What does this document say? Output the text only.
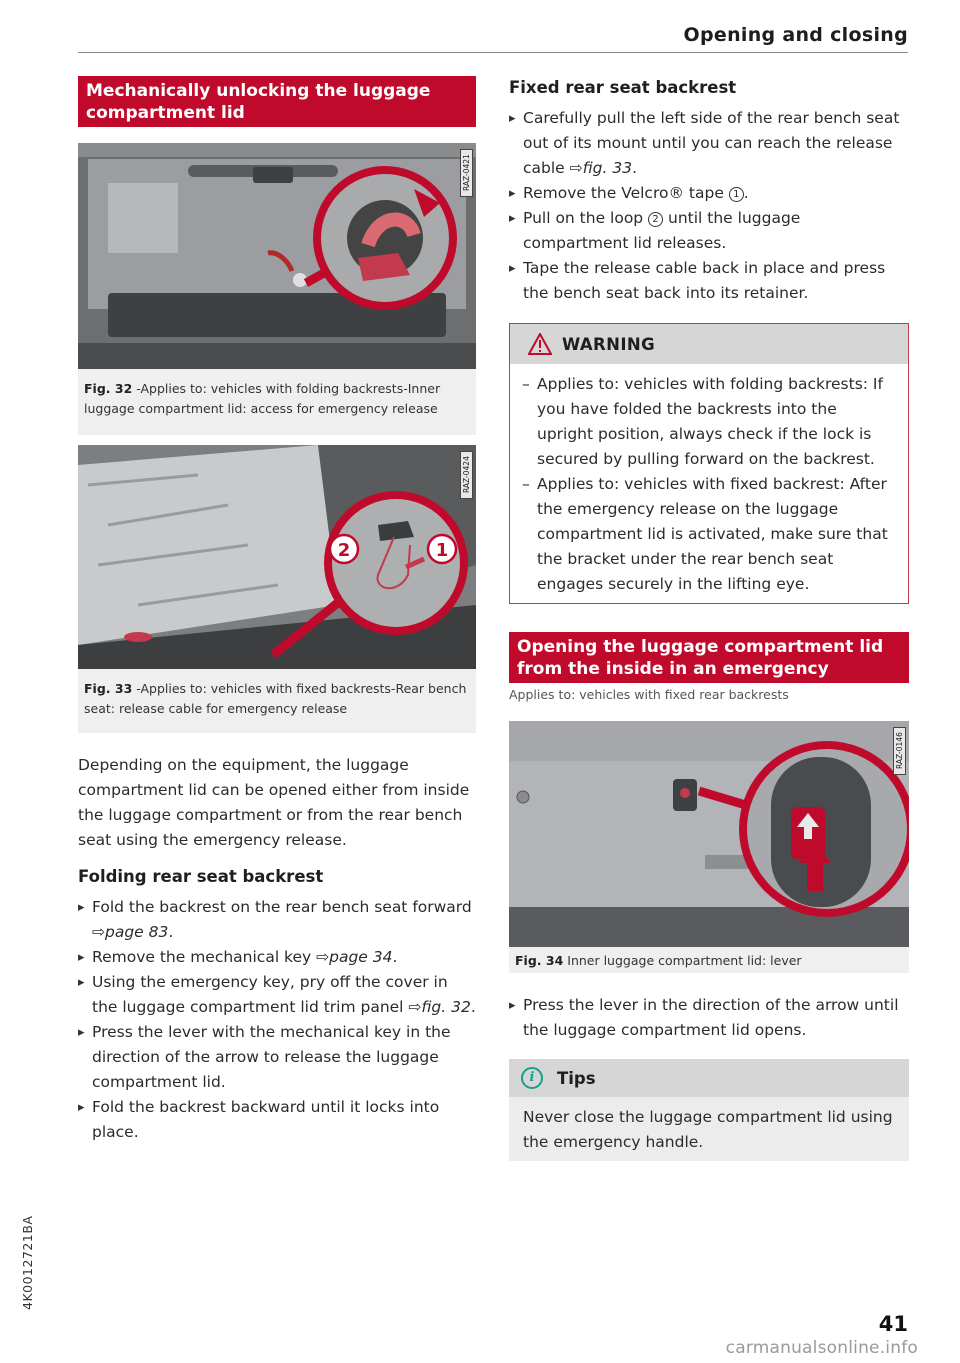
Opening and closing
Mechanically unlocking the luggage compartment lid
RAZ-0421
Fig. 32 -Applies to: vehicles with folding backrests-Inner luggage compartment lid: access for emergency release
2	1
RAZ-0424
Fig. 33 -Applies to: vehicles with fixed backrests-Rear bench seat: release cable for emergency release

Depending on the equipment, the luggage compartment lid can be opened either from inside the luggage compartment or from the rear bench seat using the emergency release.

Folding rear seat backrest
▸ Fold the backrest on the rear bench seat forward ⇨page 83.
▸ Remove the mechanical key ⇨page 34.
▸ Using the emergency key, pry off the cover in the luggage compartment lid trim panel ⇨fig. 32.
▸ Press the lever with the mechanical key in the direction of the arrow to release the luggage compartment lid.
▸ Fold the backrest backward until it locks into place.
Fixed rear seat backrest
▸ Carefully pull the left side of the rear bench seat out of its mount until you can reach the release cable ⇨fig. 33.
▸ Remove the Velcro® tape 1 .
▸ Pull on the loop 2 until the luggage compartment lid releases.
▸ Tape the release cable back in place and press the bench seat back into its retainer.
WARNING
– Applies to: vehicles with folding backrests: If you have folded the backrests into the upright position, always check if the lock is secured by pulling forward on the backrest.
– Applies to: vehicles with fixed backrest: After the emergency release on the luggage compartment lid is activated, make sure that the bracket under the rear bench seat engages securely in the lifting eye.
Opening the luggage compartment lid from the inside in an emergency
Applies to: vehicles with fixed rear backrests
RAZ-0146
Fig. 34 Inner luggage compartment lid: lever
▸ Press the lever in the direction of the arrow until the luggage compartment lid opens.
i	Tips
Never close the luggage compartment lid using the emergency handle.
4K0012721BA
41
carmanualsonline.info
